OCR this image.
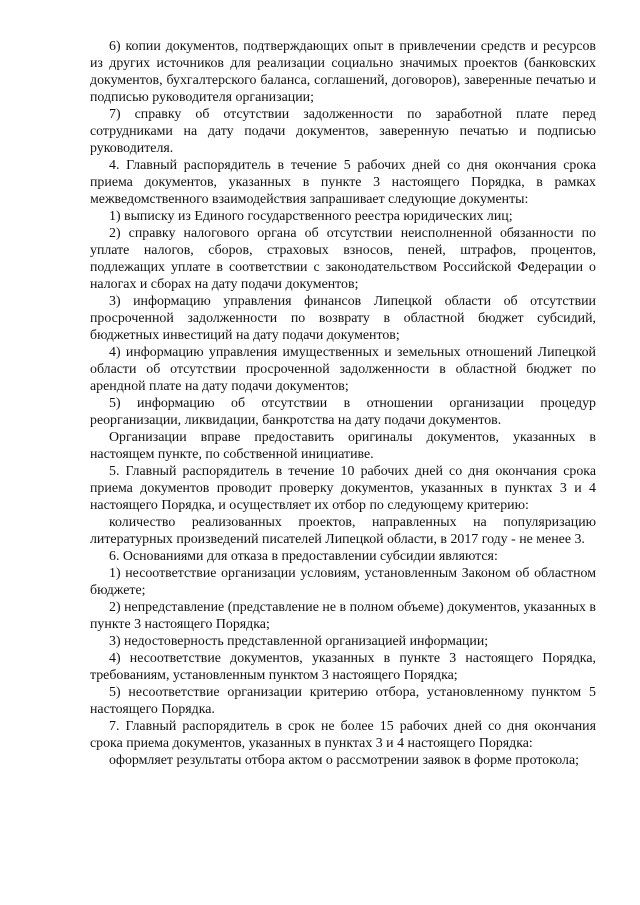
6) копии документов, подтверждающих опыт в привлечении средств и ресурсов из других источников для реализации социально значимых проектов (банковских документов, бухгалтерского баланса, соглашений, договоров), заверенные печатью и подписью руководителя организации;

7) справку об отсутствии задолженности по заработной плате перед сотрудниками на дату подачи документов, заверенную печатью и подписью руководителя.

4. Главный распорядитель в течение 5 рабочих дней со дня окончания срока приема документов, указанных в пункте 3 настоящего Порядка, в рамках межведомственного взаимодействия запрашивает следующие документы:

1) выписку из Единого государственного реестра юридических лиц;

2) справку налогового органа об отсутствии неисполненной обязанности по уплате налогов, сборов, страховых взносов, пеней, штрафов, процентов, подлежащих уплате в соответствии с законодательством Российской Федерации о налогах и сборах на дату подачи документов;

3) информацию управления финансов Липецкой области об отсутствии просроченной задолженности по возврату в областной бюджет субсидий, бюджетных инвестиций на дату подачи документов;

4) информацию управления имущественных и земельных отношений Липецкой области об отсутствии просроченной задолженности в областной бюджет по арендной плате на дату подачи документов;

5) информацию об отсутствии в отношении организации процедур реорганизации, ликвидации, банкротства на дату подачи документов.

Организации вправе предоставить оригиналы документов, указанных в настоящем пункте, по собственной инициативе.

5. Главный распорядитель в течение 10 рабочих дней со дня окончания срока приема документов проводит проверку документов, указанных в пунктах 3 и 4 настоящего Порядка, и осуществляет их отбор по следующему критерию:

количество реализованных проектов, направленных на популяризацию литературных произведений писателей Липецкой области, в 2017 году - не менее 3.

6. Основаниями для отказа в предоставлении субсидии являются:

1) несоответствие организации условиям, установленным Законом об областном бюджете;

2) непредставление (представление не в полном объеме) документов, указанных в пункте 3 настоящего Порядка;

3) недостоверность представленной организацией информации;

4) несоответствие документов, указанных в пункте 3 настоящего Порядка, требованиям, установленным пунктом 3 настоящего Порядка;

5) несоответствие организации критерию отбора, установленному пунктом 5 настоящего Порядка.

7. Главный распорядитель в срок не более 15 рабочих дней со дня окончания срока приема документов, указанных в пунктах 3 и 4 настоящего Порядка:

оформляет результаты отбора актом о рассмотрении заявок в форме протокола;
